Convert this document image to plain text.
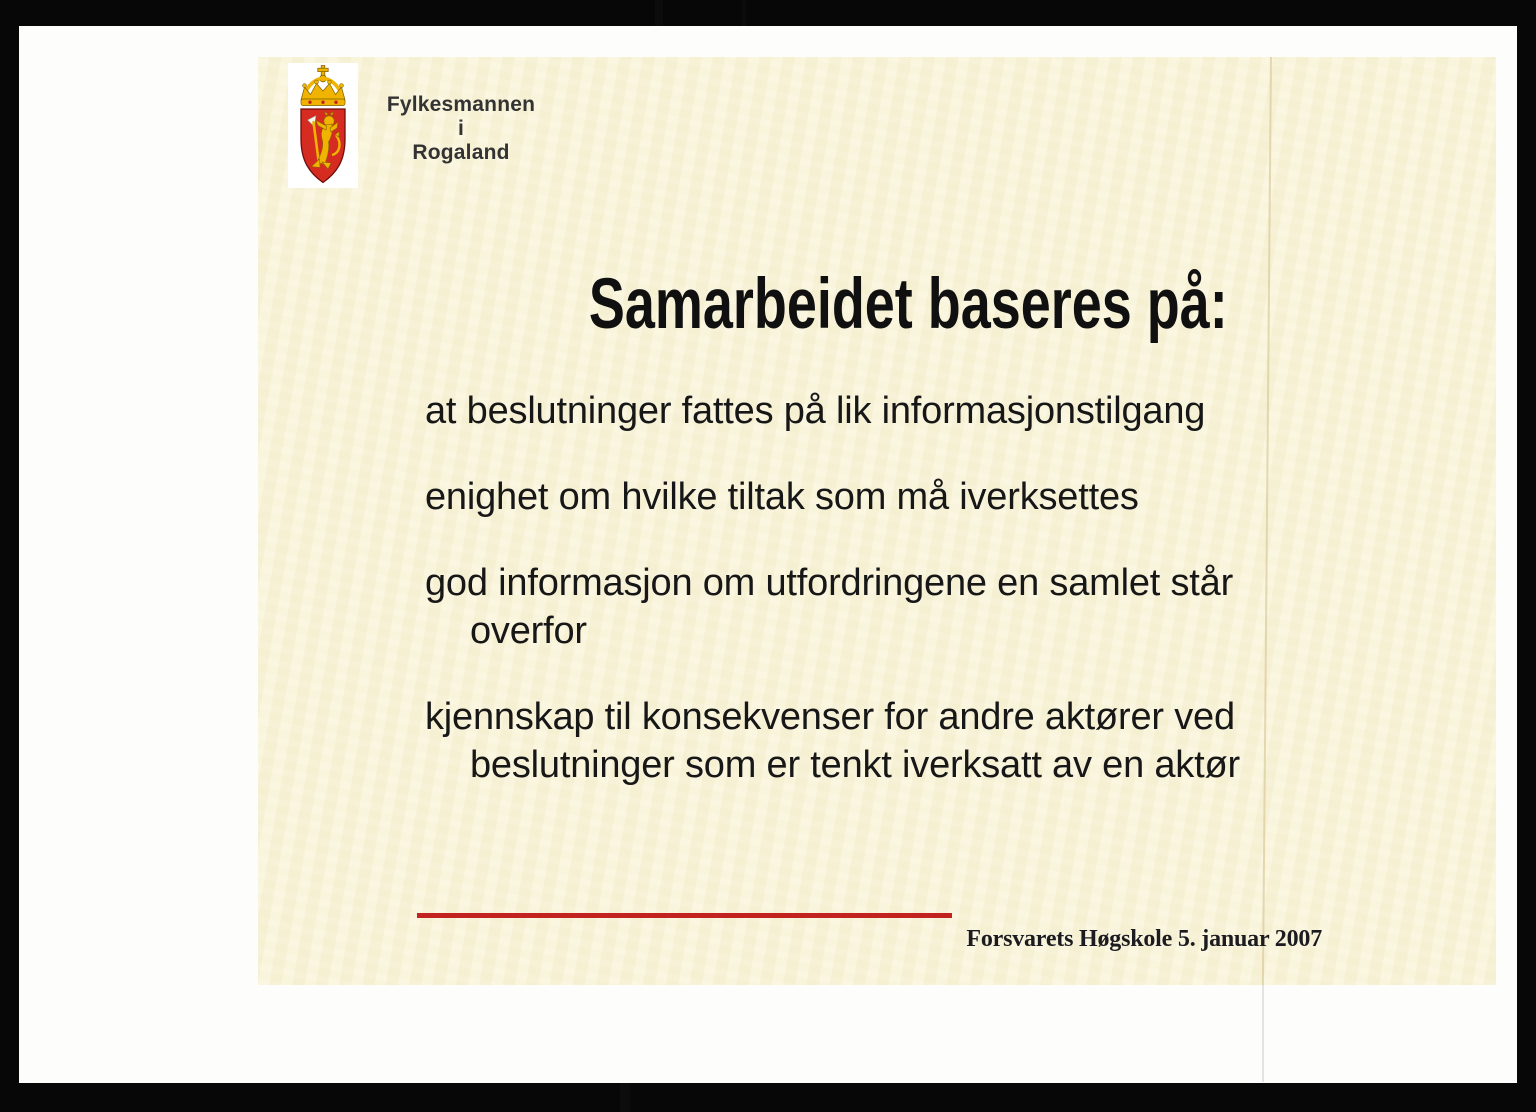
Fylkesmannen
i
Rogaland
Samarbeidet baseres på:

at beslutninger fattes på lik informasjonstilgang

enighet om hvilke tiltak som må iverksettes

god informasjon om utfordringene en samlet står
overfor

kjennskap til konsekvenser for andre aktører ved
beslutninger som er tenkt iverksatt av en aktør

Forsvarets Høgskole 5. januar 2007
